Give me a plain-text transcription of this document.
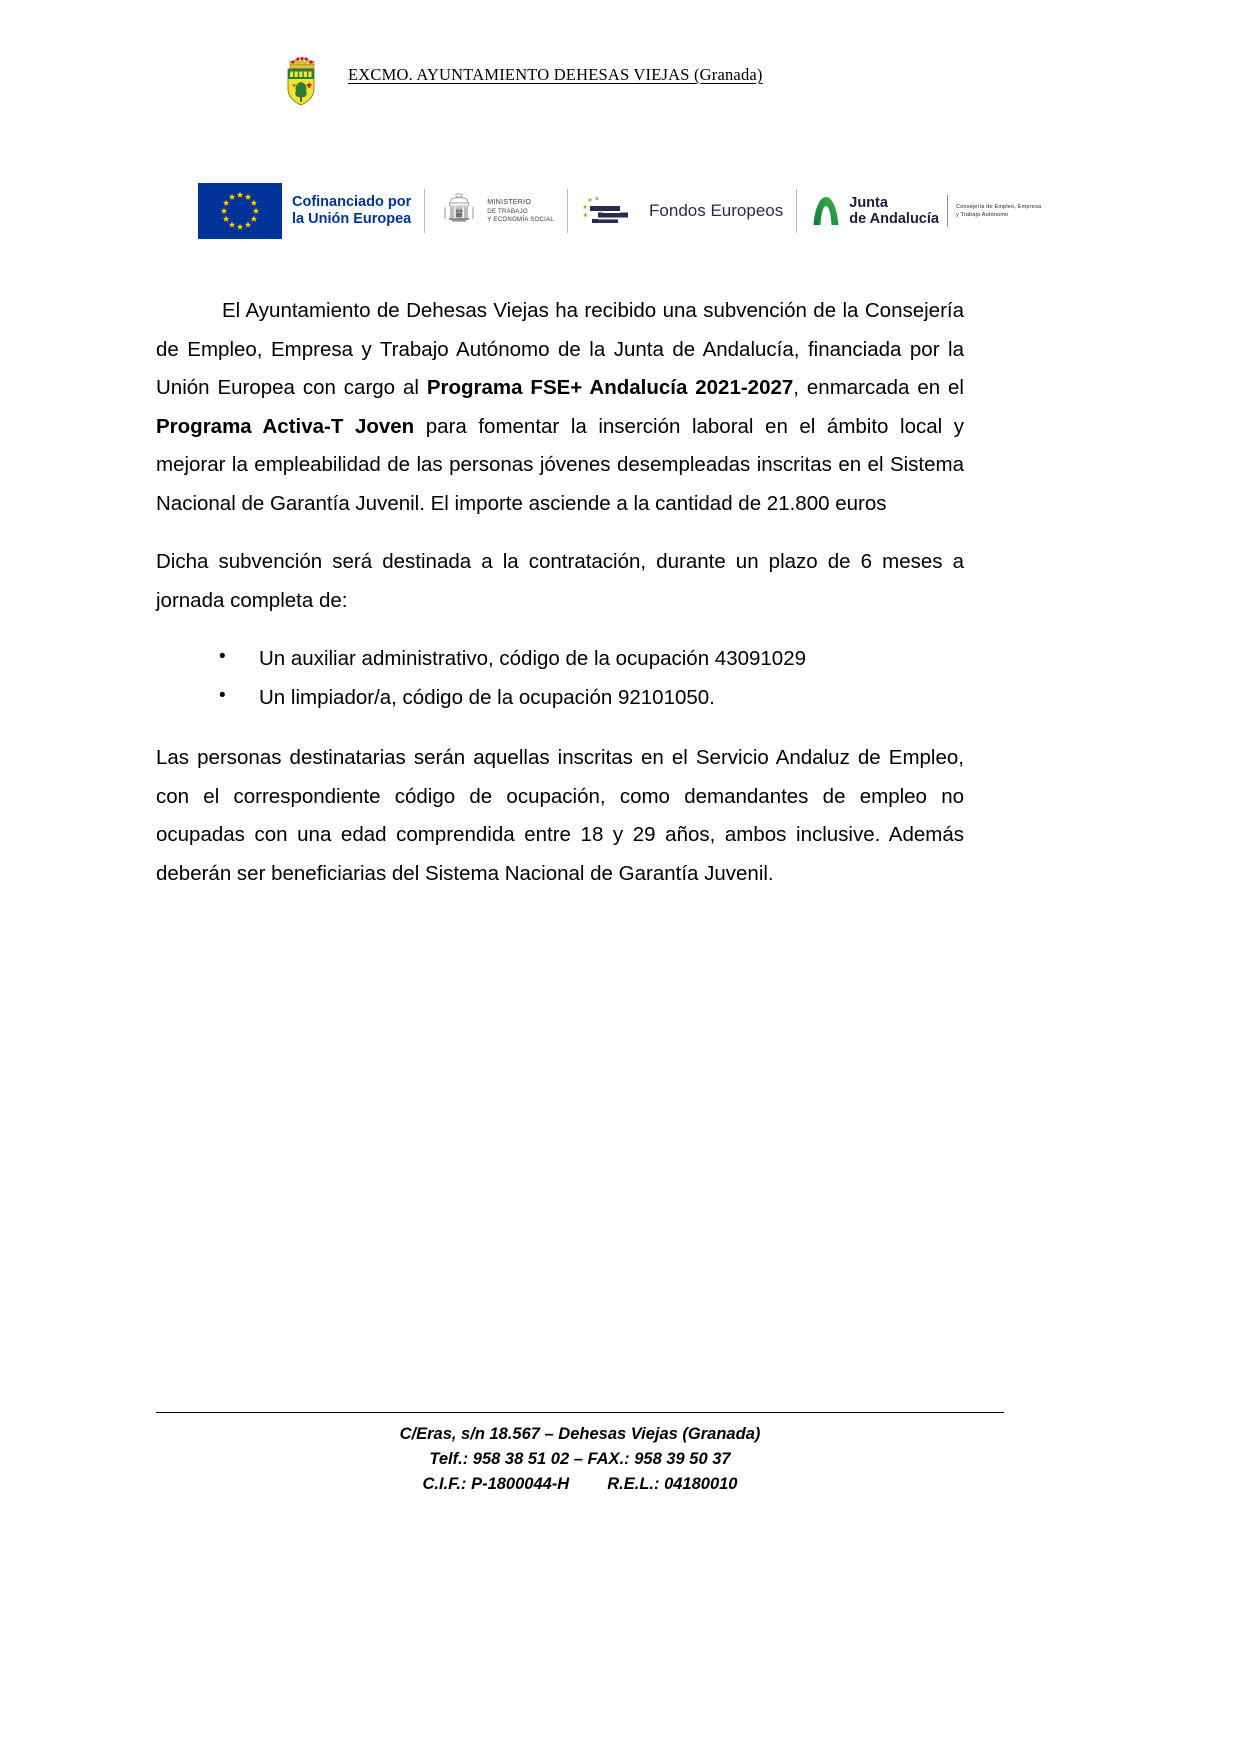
EXCMO. AYUNTAMIENTO DEHESAS VIEJAS (Granada)
Cofinanciado por
la Unión Europea
MINISTERIO
DE TRABAJO
Y ECONOMÍA SOCIAL	Fondos Europeos	Junta
de Andalucía
Consejería de Empleo, Empresa
y Trabajo Autónomo

El Ayuntamiento de Dehesas Viejas ha recibido una subvención de la Consejería de Empleo, Empresa y Trabajo Autónomo de la Junta de Andalucía, financiada por la Unión Europea con cargo al Programa FSE+ Andalucía 2021-2027, enmarcada en el Programa Activa-T Joven para fomentar la inserción laboral en el ámbito local y mejorar la empleabilidad de las personas jóvenes desempleadas inscritas en el Sistema Nacional de Garantía Juvenil. El importe asciende a la cantidad de 21.800 euros

Dicha subvención será destinada a la contratación, durante un plazo de 6 meses a jornada completa de:

• Un auxiliar administrativo, código de la ocupación 43091029
• Un limpiador/a, código de la ocupación 92101050.

Las personas destinatarias serán aquellas inscritas en el Servicio Andaluz de Empleo, con el correspondiente código de ocupación, como demandantes de empleo no ocupadas con una edad comprendida entre 18 y 29 años, ambos inclusive. Además deberán ser beneficiarias del Sistema Nacional de Garantía Juvenil.

C/Eras, s/n 18.567 – Dehesas Viejas (Granada)
Telf.: 958 38 51 02 – FAX.: 958 39 50 37
C.I.F.: P-1800044-H R.E.L.: 04180010
